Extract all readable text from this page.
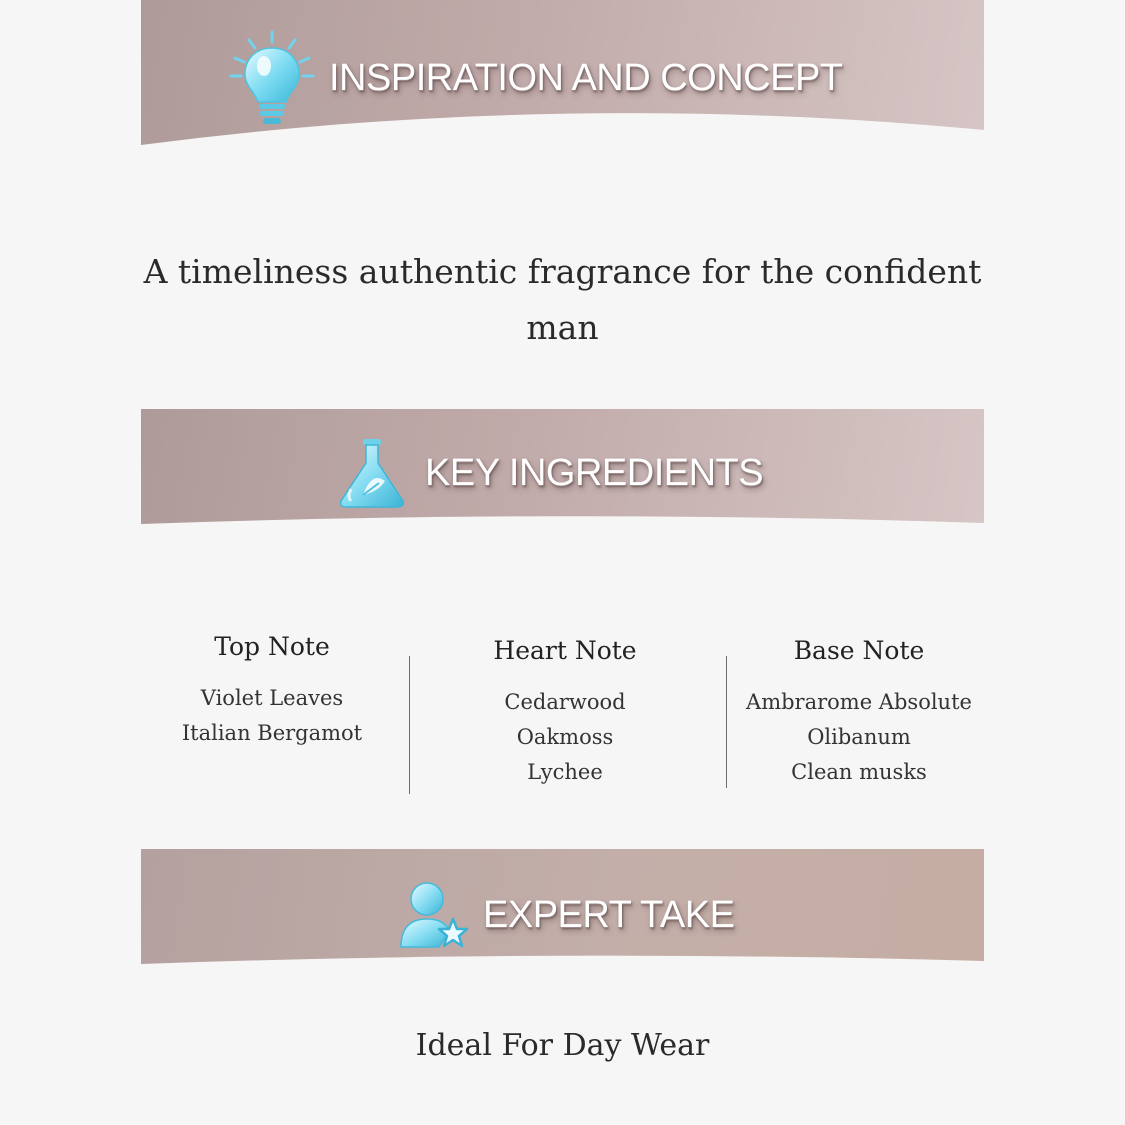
INSPIRATION AND CONCEPT
A timeliness authentic fragrance for the confident man
KEY INGREDIENTS
Top Note
Violet Leaves
Italian Bergamot
Heart Note
Cedarwood
Oakmoss
Lychee
Base Note
Ambrarome Absolute
Olibanum
Clean musks
EXPERT TAKE
Ideal For Day Wear
